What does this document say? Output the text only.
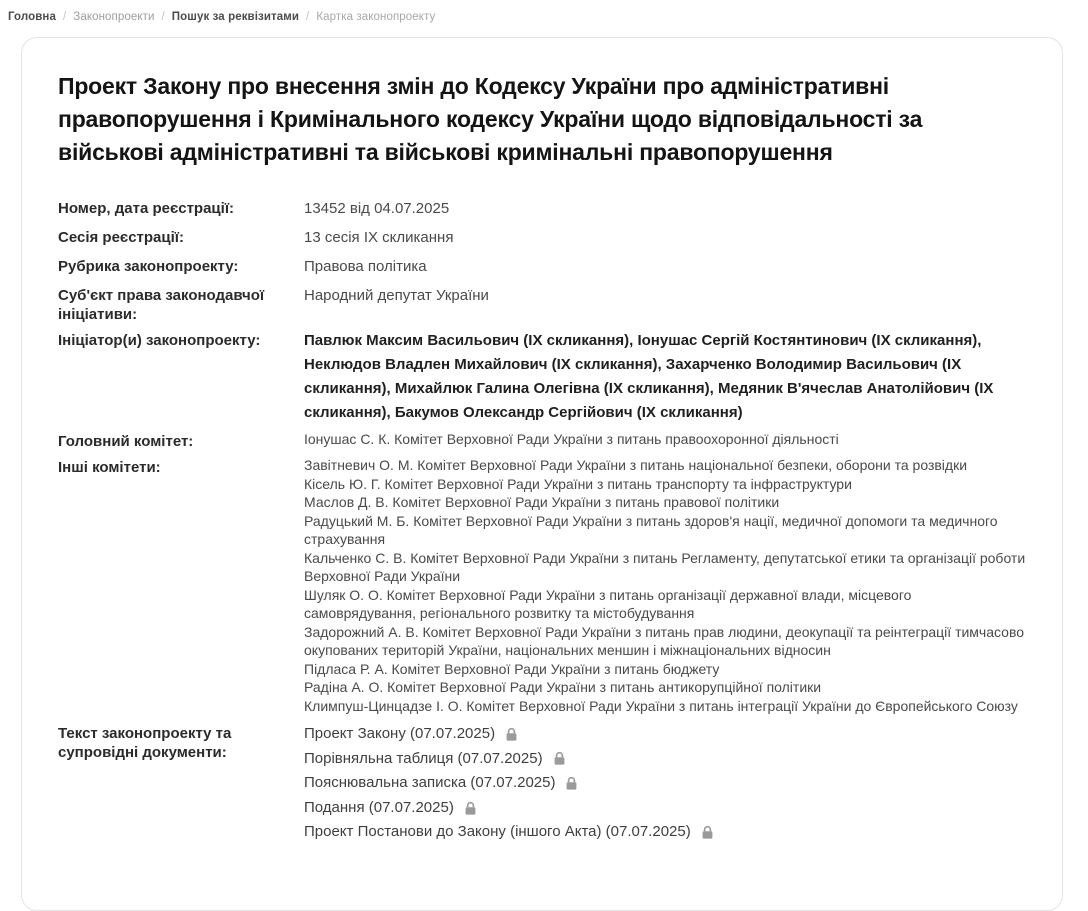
Головна / Законопроекти / Пошук за реквізитами / Картка законопроекту
Проект Закону про внесення змін до Кодексу України про адміністративні правопорушення і Кримінального кодексу України щодо відповідальності за військові адміністративні та військові кримінальні правопорушення
Номер, дата реєстрації:	13452 від 04.07.2025
Сесія реєстрації:	13 сесія IX скликання
Рубрика законопроекту:	Правова політика
Суб'єкт права законодавчої ініціативи:
Народний депутат України
Ініціатор(и) законопроекту:	Павлюк Максим Васильович (IX скликання), Іонушас Сергій Костянтинович (IX скликання), Неклюдов Владлен Михайлович (IX скликання), Захарченко Володимир Васильович (IX скликання), Михайлюк Галина Олегівна (IX скликання), Медяник В'ячеслав Анатолійович (IX скликання), Бакумов Олександр Сергійович (IX скликання)
Головний комітет:	Іонушас С. К. Комітет Верховної Ради України з питань правоохоронної діяльності
Інші комітети:	Завітневич О. М. Комітет Верховної Ради України з питань національної безпеки, оборони та розвідки
Кісель Ю. Г. Комітет Верховної Ради України з питань транспорту та інфраструктури
Маслов Д. В. Комітет Верховної Ради України з питань правової політики
Радуцький М. Б. Комітет Верховної Ради України з питань здоров'я нації, медичної допомоги та медичного страхування
Кальченко С. В. Комітет Верховної Ради України з питань Регламенту, депутатської етики та організації роботи Верховної Ради України
Шуляк О. О. Комітет Верховної Ради України з питань організації державної влади, місцевого самоврядування, регіонального розвитку та містобудування
Задорожний А. В. Комітет Верховної Ради України з питань прав людини, деокупації та реінтеграції тимчасово окупованих територій України, національних меншин і міжнаціональних відносин
Підласа Р. А. Комітет Верховної Ради України з питань бюджету
Радіна А. О. Комітет Верховної Ради України з питань антикорупційної політики
Климпуш-Цинцадзе І. О. Комітет Верховної Ради України з питань інтеграції України до Європейського Союзу
Текст законопроекту та супровідні документи:
Проект Закону (07.07.2025)
Порівняльна таблиця (07.07.2025)
Пояснювальна записка (07.07.2025)
Подання (07.07.2025)
Проект Постанови до Закону (іншого Акта) (07.07.2025)
